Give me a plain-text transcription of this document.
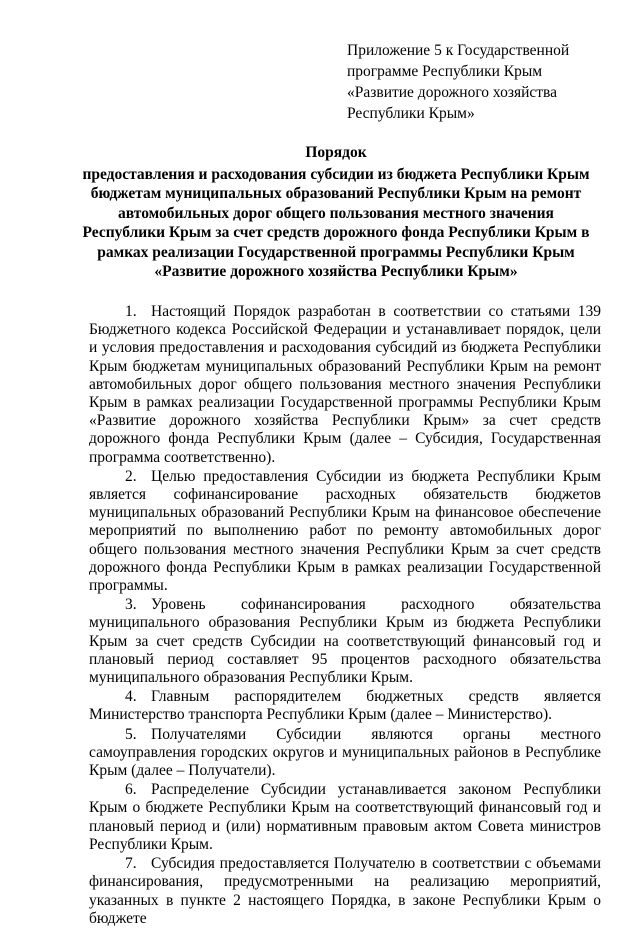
Приложение 5 к Государственной
программе Республики Крым
«Развитие дорожного хозяйства
Республики Крым»
Порядок
предоставления и расходования субсидии из бюджета Республики Крым
бюджетам муниципальных образований Республики Крым на ремонт
автомобильных дорог общего пользования местного значения
Республики Крым за счет средств дорожного фонда Республики Крым в
рамках реализации Государственной программы Республики Крым
«Развитие дорожного хозяйства Республики Крым»

1. Настоящий Порядок разработан в соответствии со статьями 139 Бюджетного кодекса Российской Федерации и устанавливает порядок, цели и условия предоставления и расходования субсидий из бюджета Республики Крым бюджетам муниципальных образований Республики Крым на ремонт автомобильных дорог общего пользования местного значения Республики Крым в рамках реализации Государственной программы Республики Крым «Развитие дорожного хозяйства Республики Крым» за счет средств дорожного фонда Республики Крым (далее – Субсидия, Государственная программа соответственно).

2. Целью предоставления Субсидии из бюджета Республики Крым является софинансирование расходных обязательств бюджетов муниципальных образований Республики Крым на финансовое обеспечение мероприятий по выполнению работ по ремонту автомобильных дорог общего пользования местного значения Республики Крым за счет средств дорожного фонда Республики Крым в рамках реализации Государственной программы.

3. Уровень софинансирования расходного обязательства муниципального образования Республики Крым из бюджета Республики Крым за счет средств Субсидии на соответствующий финансовый год и плановый период составляет 95 процентов расходного обязательства муниципального образования Республики Крым.

4. Главным распорядителем бюджетных средств является Министерство транспорта Республики Крым (далее – Министерство).

5. Получателями Субсидии являются органы местного самоуправления городских округов и муниципальных районов в Республике Крым (далее – Получатели).

6. Распределение Субсидии устанавливается законом Республики Крым о бюджете Республики Крым на соответствующий финансовый год и плановый период и (или) нормативным правовым актом Совета министров Республики Крым.

7. Субсидия предоставляется Получателю в соответствии с объемами финансирования, предусмотренными на реализацию мероприятий, указанных в пункте 2 настоящего Порядка, в законе Республики Крым о бюджете
